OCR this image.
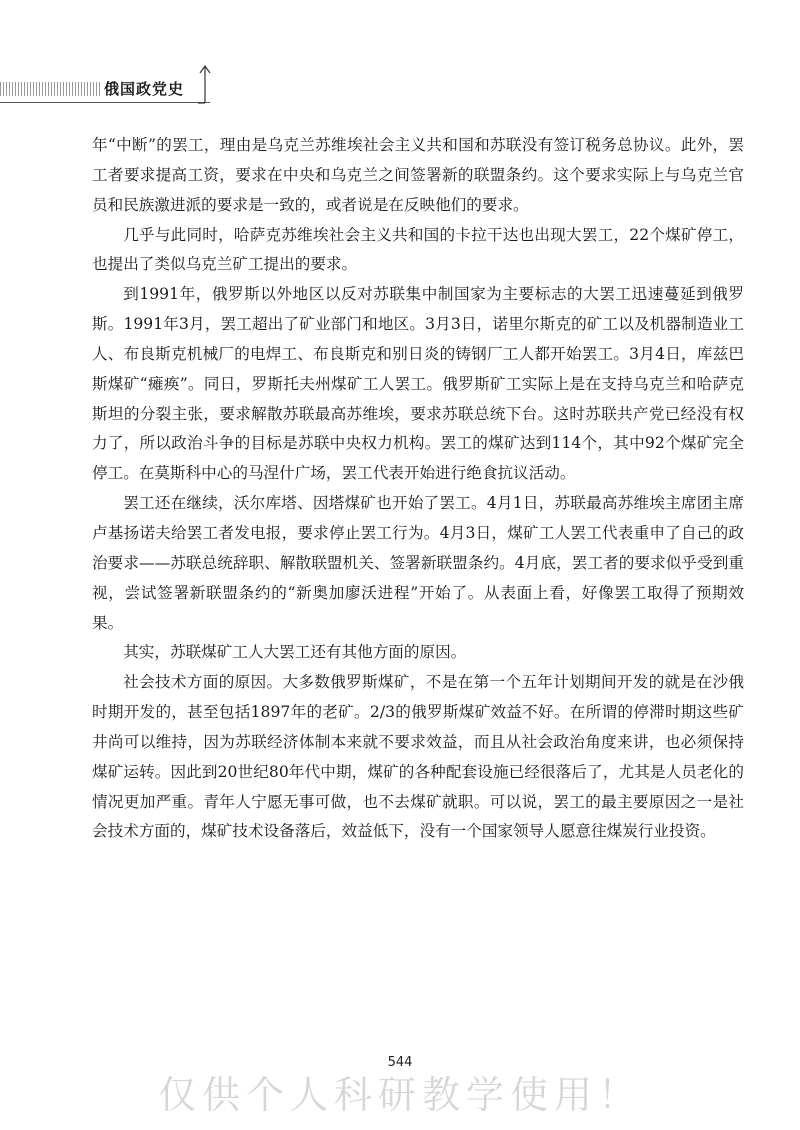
俄国政党史

年“中断”的罢工，理由是乌克兰苏维埃社会主义共和国和苏联没有签订税务总协议。此外，罢工者要求提高工资，要求在中央和乌克兰之间签署新的联盟条约。这个要求实际上与乌克兰官员和民族激进派的要求是一致的，或者说是在反映他们的要求。

几乎与此同时，哈萨克苏维埃社会主义共和国的卡拉干达也出现大罢工，22个煤矿停工，也提出了类似乌克兰矿工提出的要求。

到1991年，俄罗斯以外地区以反对苏联集中制国家为主要标志的大罢工迅速蔓延到俄罗斯。1991年3月，罢工超出了矿业部门和地区。3月3日，诺里尔斯克的矿工以及机器制造业工人、布良斯克机械厂的电焊工、布良斯克和别日炎的铸钢厂工人都开始罢工。3月4日，库兹巴斯煤矿“瘫痪”。同日，罗斯托夫州煤矿工人罢工。俄罗斯矿工实际上是在支持乌克兰和哈萨克斯坦的分裂主张，要求解散苏联最高苏维埃，要求苏联总统下台。这时苏联共产党已经没有权力了，所以政治斗争的目标是苏联中央权力机构。罢工的煤矿达到114个，其中92个煤矿完全停工。在莫斯科中心的马涅什广场，罢工代表开始进行绝食抗议活动。

罢工还在继续，沃尔库塔、因塔煤矿也开始了罢工。4月1日，苏联最高苏维埃主席团主席卢基扬诺夫给罢工者发电报，要求停止罢工行为。4月3日，煤矿工人罢工代表重申了自己的政治要求——苏联总统辞职、解散联盟机关、签署新联盟条约。4月底，罢工者的要求似乎受到重视，尝试签署新联盟条约的“新奥加廖沃进程”开始了。从表面上看，好像罢工取得了预期效果。

其实，苏联煤矿工人大罢工还有其他方面的原因。

社会技术方面的原因。大多数俄罗斯煤矿，不是在第一个五年计划期间开发的就是在沙俄时期开发的，甚至包括1897年的老矿。2/3的俄罗斯煤矿效益不好。在所谓的停滞时期这些矿井尚可以维持，因为苏联经济体制本来就不要求效益，而且从社会政治角度来讲，也必须保持煤矿运转。因此到20世纪80年代中期，煤矿的各种配套设施已经很落后了，尤其是人员老化的情况更加严重。青年人宁愿无事可做，也不去煤矿就职。可以说，罢工的最主要原因之一是社会技术方面的，煤矿技术设备落后，效益低下，没有一个国家领导人愿意往煤炭行业投资。

544
仅供个人科研教学使用！
